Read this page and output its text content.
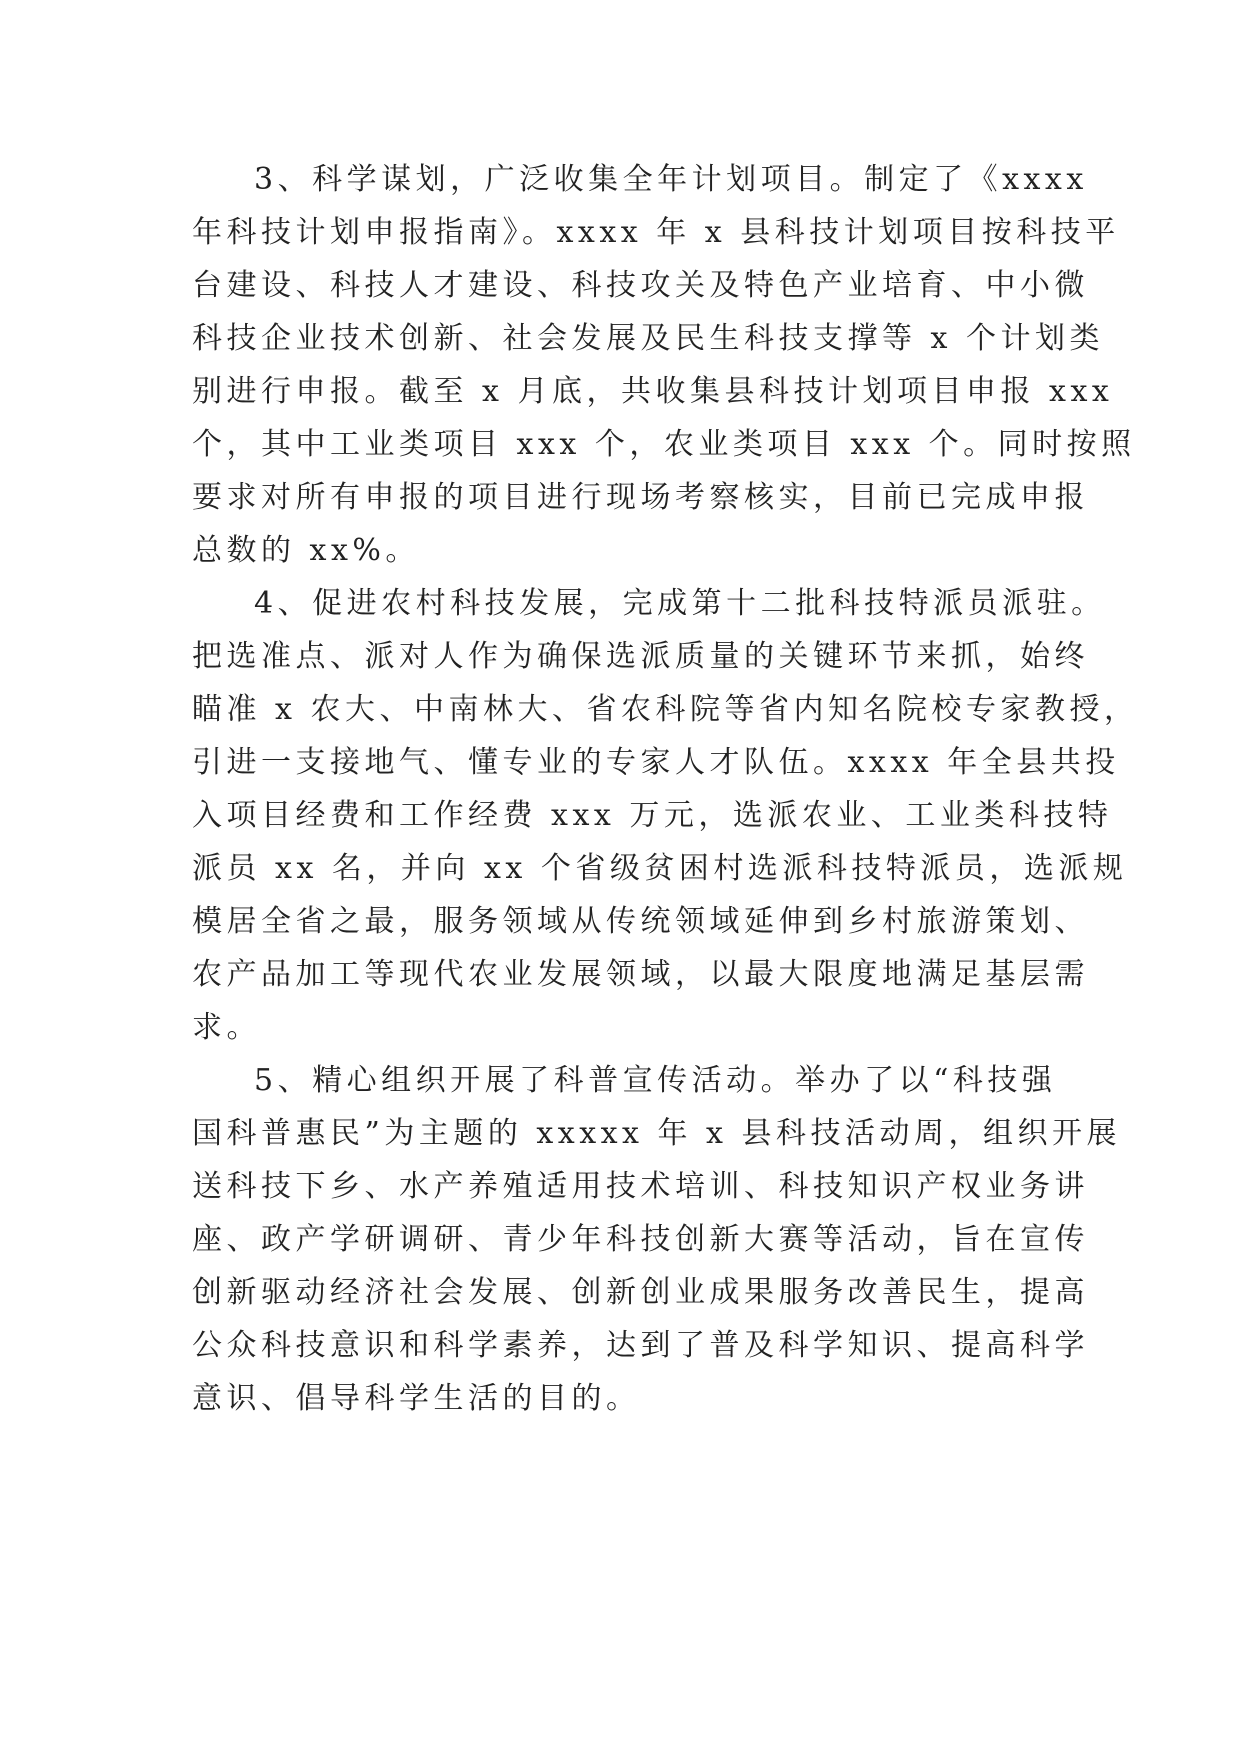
3、科学谋划，广泛收集全年计划项目。制定了《xxxx
年科技计划申报指南》。xxxx 年 x 县科技计划项目按科技平
台建设、科技人才建设、科技攻关及特色产业培育、中小微
科技企业技术创新、社会发展及民生科技支撑等 x 个计划类
别进行申报。截至 x 月底，共收集县科技计划项目申报 xxx
个，其中工业类项目 xxx 个，农业类项目 xxx 个。同时按照
要求对所有申报的项目进行现场考察核实，目前已完成申报
总数的 xx%。
4、促进农村科技发展，完成第十二批科技特派员派驻。
把选准点、派对人作为确保选派质量的关键环节来抓，始终
瞄准 x 农大、中南林大、省农科院等省内知名院校专家教授，
引进一支接地气、懂专业的专家人才队伍。xxxx 年全县共投
入项目经费和工作经费 xxx 万元，选派农业、工业类科技特
派员 xx 名，并向 xx 个省级贫困村选派科技特派员，选派规
模居全省之最，服务领域从传统领域延伸到乡村旅游策划、
农产品加工等现代农业发展领域，以最大限度地满足基层需
求。
5、精心组织开展了科普宣传活动。举办了以“科技强
国科普惠民”为主题的 xxxxx 年 x 县科技活动周，组织开展
送科技下乡、水产养殖适用技术培训、科技知识产权业务讲
座、政产学研调研、青少年科技创新大赛等活动，旨在宣传
创新驱动经济社会发展、创新创业成果服务改善民生，提高
公众科技意识和科学素养，达到了普及科学知识、提高科学
意识、倡导科学生活的目的。
